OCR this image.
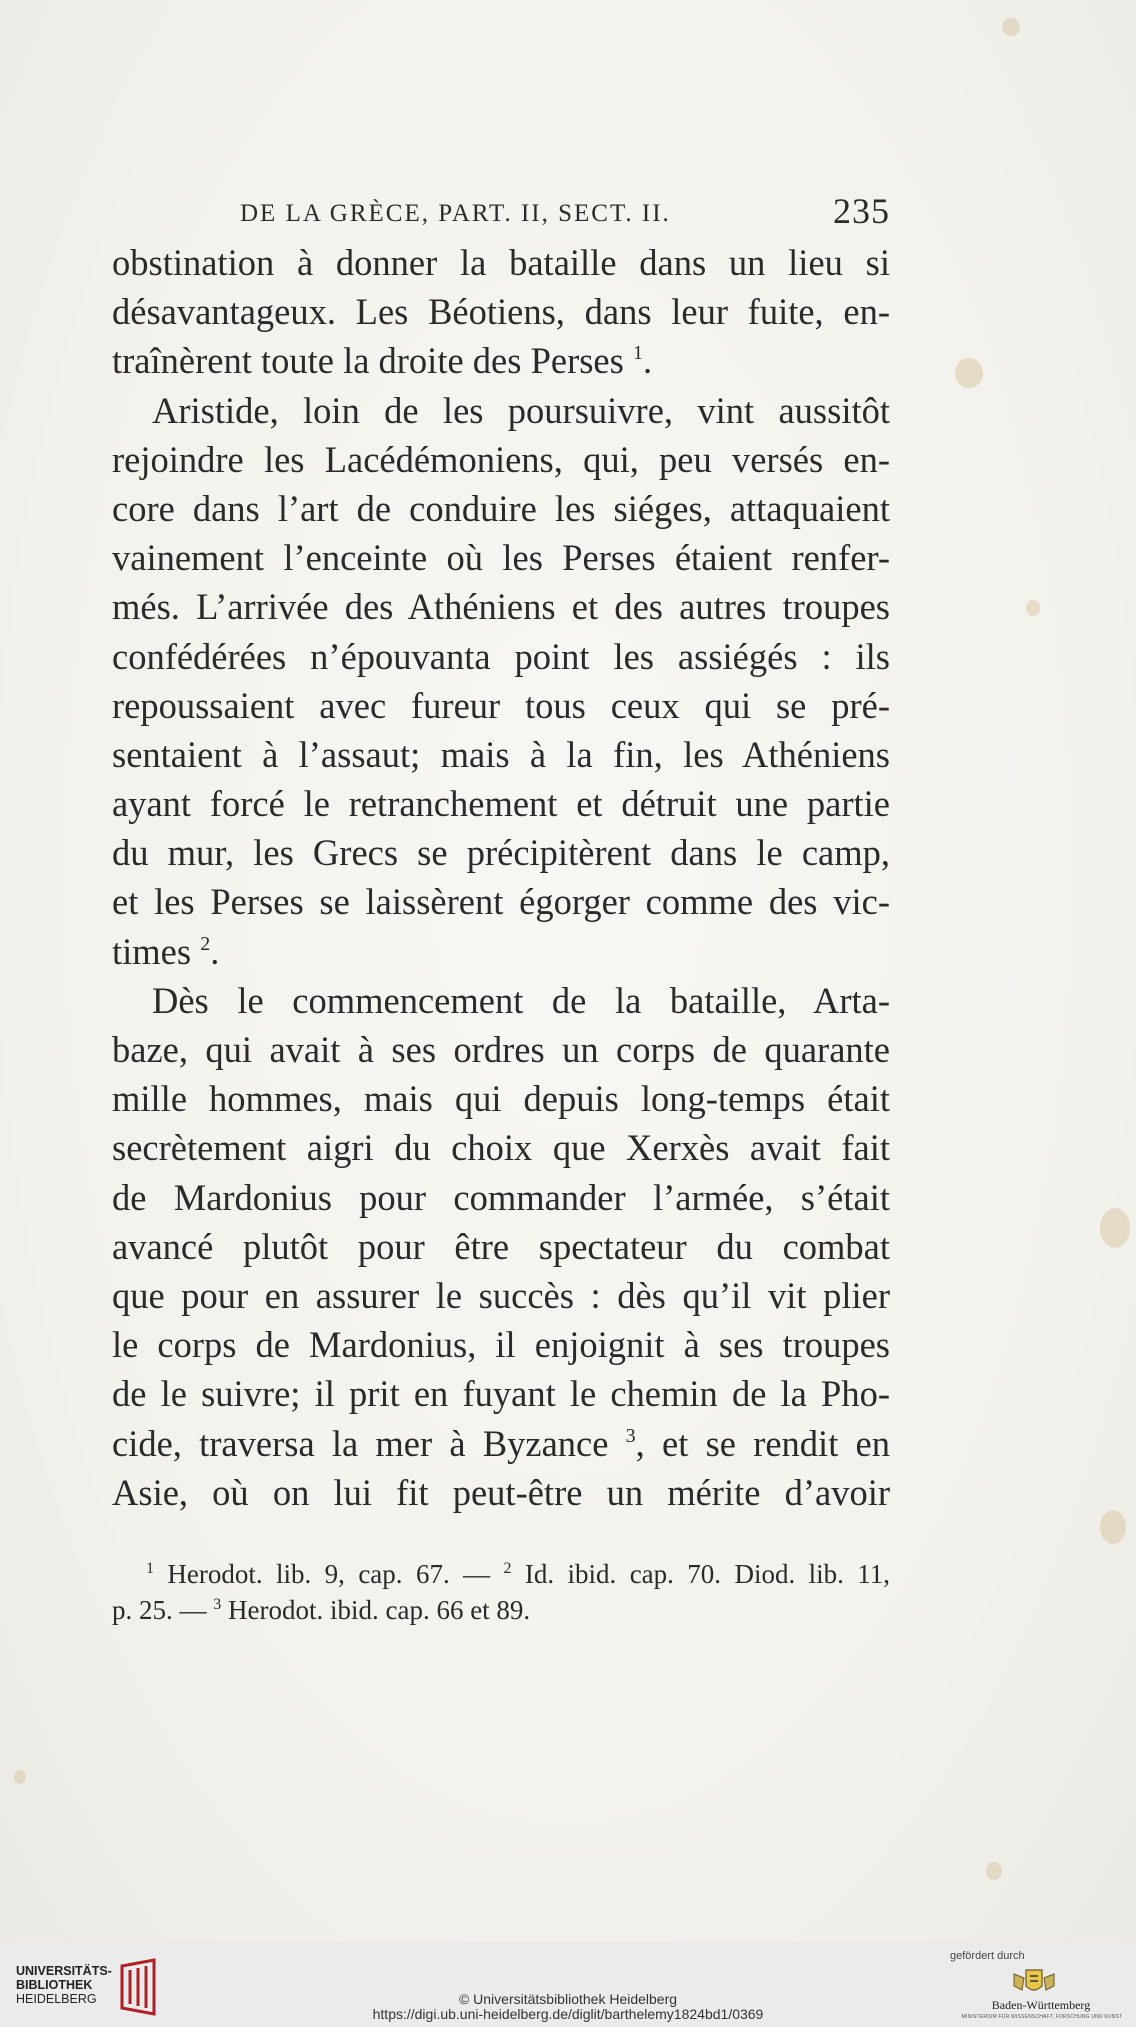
DE LA GRÈCE, PART. II, SECT. II.	235
obstination à donner la bataille dans un lieu si
désavantageux. Les Béotiens, dans leur fuite, en-
traînèrent toute la droite des Perses $^1$.
Aristide, loin de les poursuivre, vint aussitôt
rejoindre les Lacédémoniens, qui, peu versés en-
core dans l’art de conduire les siéges, attaquaient
vainement l’enceinte où les Perses étaient renfer-
més. L’arrivée des Athéniens et des autres troupes
confédérées n’épouvanta point les assiégés : ils
repoussaient avec fureur tous ceux qui se pré-
sentaient à l’assaut; mais à la fin, les Athéniens
ayant forcé le retranchement et détruit une partie
du mur, les Grecs se précipitèrent dans le camp,
et les Perses se laissèrent égorger comme des vic-
times $^2$.
Dès le commencement de la bataille, Arta-
baze, qui avait à ses ordres un corps de quarante
mille hommes, mais qui depuis long-temps était
secrètement aigri du choix que Xerxès avait fait
de Mardonius pour commander l’armée, s’était
avancé plutôt pour être spectateur du combat
que pour en assurer le succès : dès qu’il vit plier
le corps de Mardonius, il enjoignit à ses troupes
de le suivre; il prit en fuyant le chemin de la Pho-
cide, traversa la mer à Byzance $^3$, et se rendit en
Asie, où on lui fit peut-être un mérite d’avoir
$^1$ Herodot. lib. 9, cap. 67. — $^2$ Id. ibid. cap. 70. Diod. lib. 11,
p. 25. — $^3$ Herodot. ibid. cap. 66 et 89.
UNIVERSITÄTS-
BIBLIOTHEK
HEIDELBERG	© Universitätsbibliothek Heidelberg
https://digi.ub.uni-heidelberg.de/diglit/barthelemy1824bd1/0369
gefördert durch
Baden-Württemberg
MINISTERIUM FÜR WISSENSCHAFT, FORSCHUNG UND KUNST
